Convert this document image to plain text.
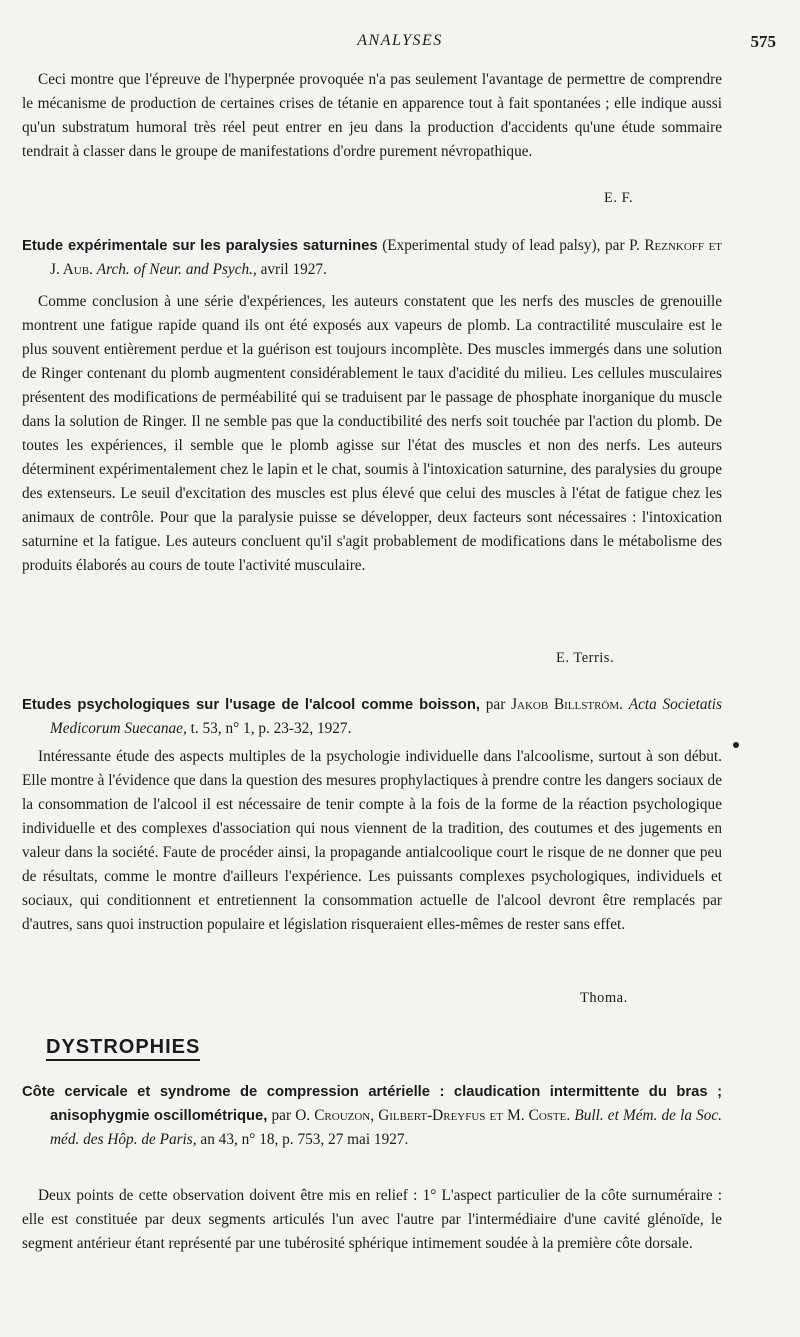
ANALYSES	575

Ceci montre que l'épreuve de l'hyperpnée provoquée n'a pas seulement l'avantage de permettre de comprendre le mécanisme de production de certaines crises de tétanie en apparence tout à fait spontanées ; elle indique aussi qu'un substratum humoral très réel peut entrer en jeu dans la production d'accidents qu'une étude sommaire tendrait à classer dans le groupe de manifestations d'ordre purement névropathique.

E. F.

Etude expérimentale sur les paralysies saturnines (Experimental study of lead palsy), par P. Reznkoff et J. Aub. Arch. of Neur. and Psych., avril 1927.

Comme conclusion à une série d'expériences, les auteurs constatent que les nerfs des muscles de grenouille montrent une fatigue rapide quand ils ont été exposés aux vapeurs de plomb. La contractilité musculaire est le plus souvent entièrement perdue et la guérison est toujours incomplète. Des muscles immergés dans une solution de Ringer contenant du plomb augmentent considérablement le taux d'acidité du milieu. Les cellules musculaires présentent des modifications de perméabilité qui se traduisent par le passage de phosphate inorganique du muscle dans la solution de Ringer. Il ne semble pas que la conductibilité des nerfs soit touchée par l'action du plomb. De toutes les expériences, il semble que le plomb agisse sur l'état des muscles et non des nerfs. Les auteurs déterminent expérimentalement chez le lapin et le chat, soumis à l'intoxication saturnine, des paralysies du groupe des extenseurs. Le seuil d'excitation des muscles est plus élevé que celui des muscles à l'état de fatigue chez les animaux de contrôle. Pour que la paralysie puisse se développer, deux facteurs sont nécessaires : l'intoxication saturnine et la fatigue. Les auteurs concluent qu'il s'agit probablement de modifications dans le métabolisme des produits élaborés au cours de toute l'activité musculaire.

E. Terris.

Etudes psychologiques sur l'usage de l'alcool comme boisson, par Jakob Billström. Acta Societatis Medicorum Suecanae, t. 53, n° 1, p. 23-32, 1927.

Intéressante étude des aspects multiples de la psychologie individuelle dans l'alcoolisme, surtout à son début. Elle montre à l'évidence que dans la question des mesures prophylactiques à prendre contre les dangers sociaux de la consommation de l'alcool il est nécessaire de tenir compte à la fois de la forme de la réaction psychologique individuelle et des complexes d'association qui nous viennent de la tradition, des coutumes et des jugements en valeur dans la société. Faute de procéder ainsi, la propagande antialcoolique court le risque de ne donner que peu de résultats, comme le montre d'ailleurs l'expérience. Les puissants complexes psychologiques, individuels et sociaux, qui conditionnent et entretiennent la consommation actuelle de l'alcool devront être remplacés par d'autres, sans quoi instruction populaire et législation risqueraient elles-mêmes de rester sans effet.

Thoma.
DYSTROPHIES

Côte cervicale et syndrome de compression artérielle : claudication intermittente du bras ; anisophygmie oscillométrique, par O. Crouzon, Gilbert-Dreyfus et M. Coste. Bull. et Mém. de la Soc. méd. des Hôp. de Paris, an 43, n° 18, p. 753, 27 mai 1927.

Deux points de cette observation doivent être mis en relief : 1° L'aspect particulier de la côte surnuméraire : elle est constituée par deux segments articulés l'un avec l'autre par l'intermédiaire d'une cavité glénoïde, le segment antérieur étant représenté par une tubérosité sphérique intimement soudée à la première côte dorsale.
